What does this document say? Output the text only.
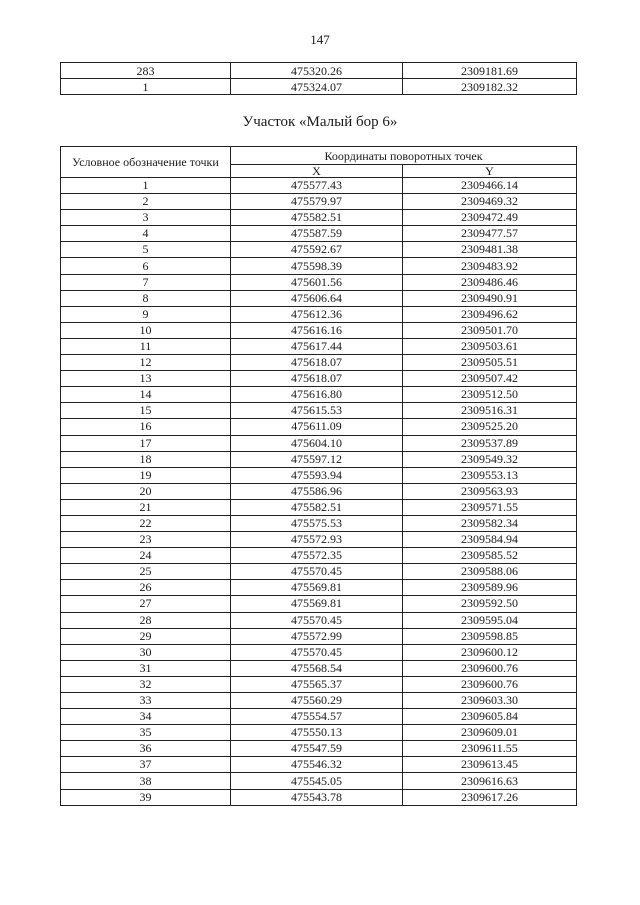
147
283	475320.26	2309181.69
1	475324.07	2309182.32
Участок «Малый бор 6»
Условное обозначение точки	Координаты поворотных точек	
	X	Y
1	475577.43	2309466.14
2	475579.97	2309469.32
3	475582.51	2309472.49
4	475587.59	2309477.57
5	475592.67	2309481.38
6	475598.39	2309483.92
7	475601.56	2309486.46
8	475606.64	2309490.91
9	475612.36	2309496.62
10	475616.16	2309501.70
11	475617.44	2309503.61
12	475618.07	2309505.51
13	475618.07	2309507.42
14	475616.80	2309512.50
15	475615.53	2309516.31
16	475611.09	2309525.20
17	475604.10	2309537.89
18	475597.12	2309549.32
19	475593.94	2309553.13
20	475586.96	2309563.93
21	475582.51	2309571.55
22	475575.53	2309582.34
23	475572.93	2309584.94
24	475572.35	2309585.52
25	475570.45	2309588.06
26	475569.81	2309589.96
27	475569.81	2309592.50
28	475570.45	2309595.04
29	475572.99	2309598.85
30	475570.45	2309600.12
31	475568.54	2309600.76
32	475565.37	2309600.76
33	475560.29	2309603.30
34	475554.57	2309605.84
35	475550.13	2309609.01
36	475547.59	2309611.55
37	475546.32	2309613.45
38	475545.05	2309616.63
39	475543.78	2309617.26
